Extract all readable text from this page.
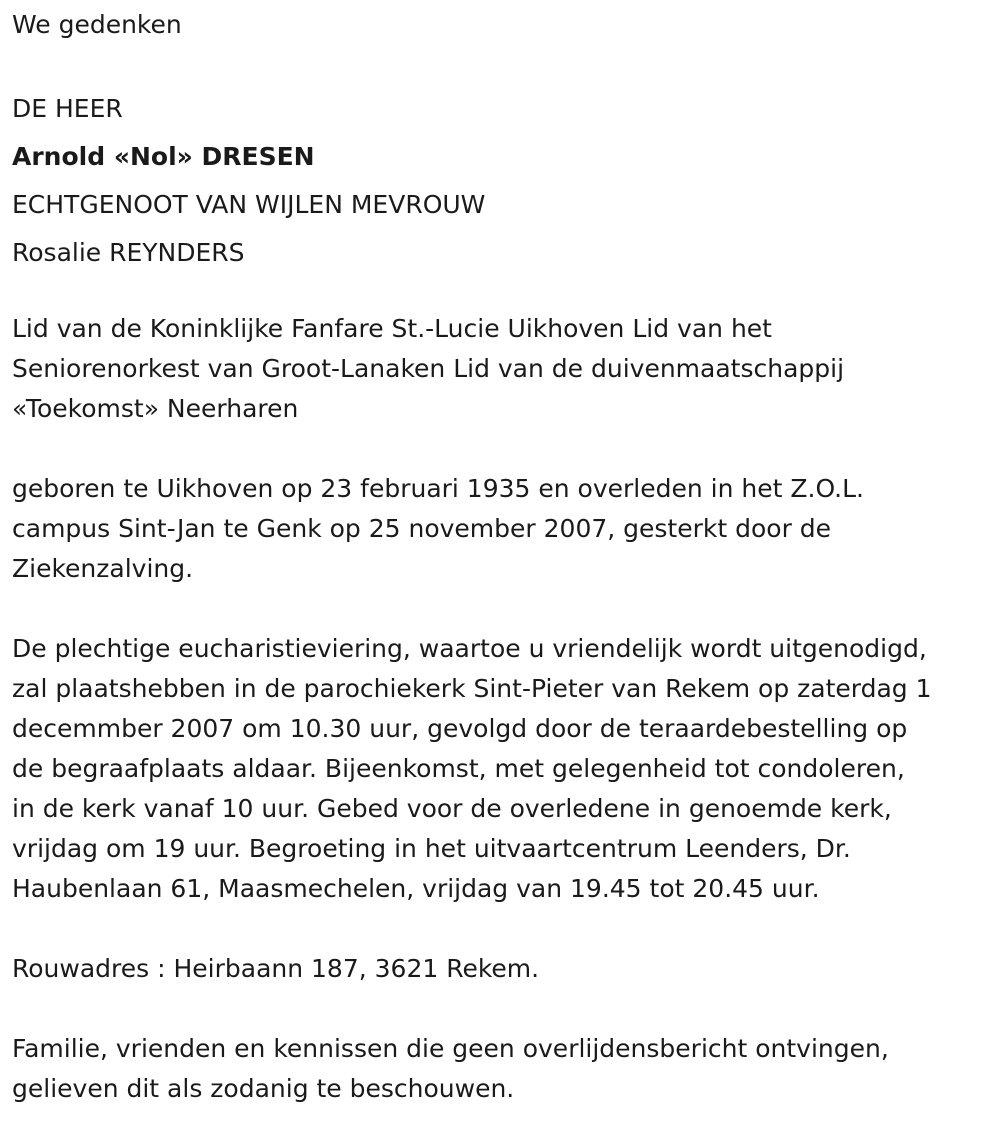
We gedenken
DE HEER
Arnold «Nol» DRESEN
ECHTGENOOT VAN WIJLEN MEVROUW
Rosalie REYNDERS
Lid van de Koninklijke Fanfare St.-Lucie Uikhoven Lid van het
Seniorenorkest van Groot-Lanaken Lid van de duivenmaatschappij
«Toekomst» Neerharen
geboren te Uikhoven op 23 februari 1935 en overleden in het Z.O.L.
campus Sint-Jan te Genk op 25 november 2007, gesterkt door de
Ziekenzalving.
De plechtige eucharistieviering, waartoe u vriendelijk wordt uitgenodigd,
zal plaatshebben in de parochiekerk Sint-Pieter van Rekem op zaterdag 1
decemmber 2007 om 10.30 uur, gevolgd door de teraardebestelling op
de begraafplaats aldaar. Bijeenkomst, met gelegenheid tot condoleren,
in de kerk vanaf 10 uur. Gebed voor de overledene in genoemde kerk,
vrijdag om 19 uur. Begroeting in het uitvaartcentrum Leenders, Dr.
Haubenlaan 61, Maasmechelen, vrijdag van 19.45 tot 20.45 uur.
Rouwadres : Heirbaann 187, 3621 Rekem.
Familie, vrienden en kennissen die geen overlijdensbericht ontvingen,
gelieven dit als zodanig te beschouwen.
